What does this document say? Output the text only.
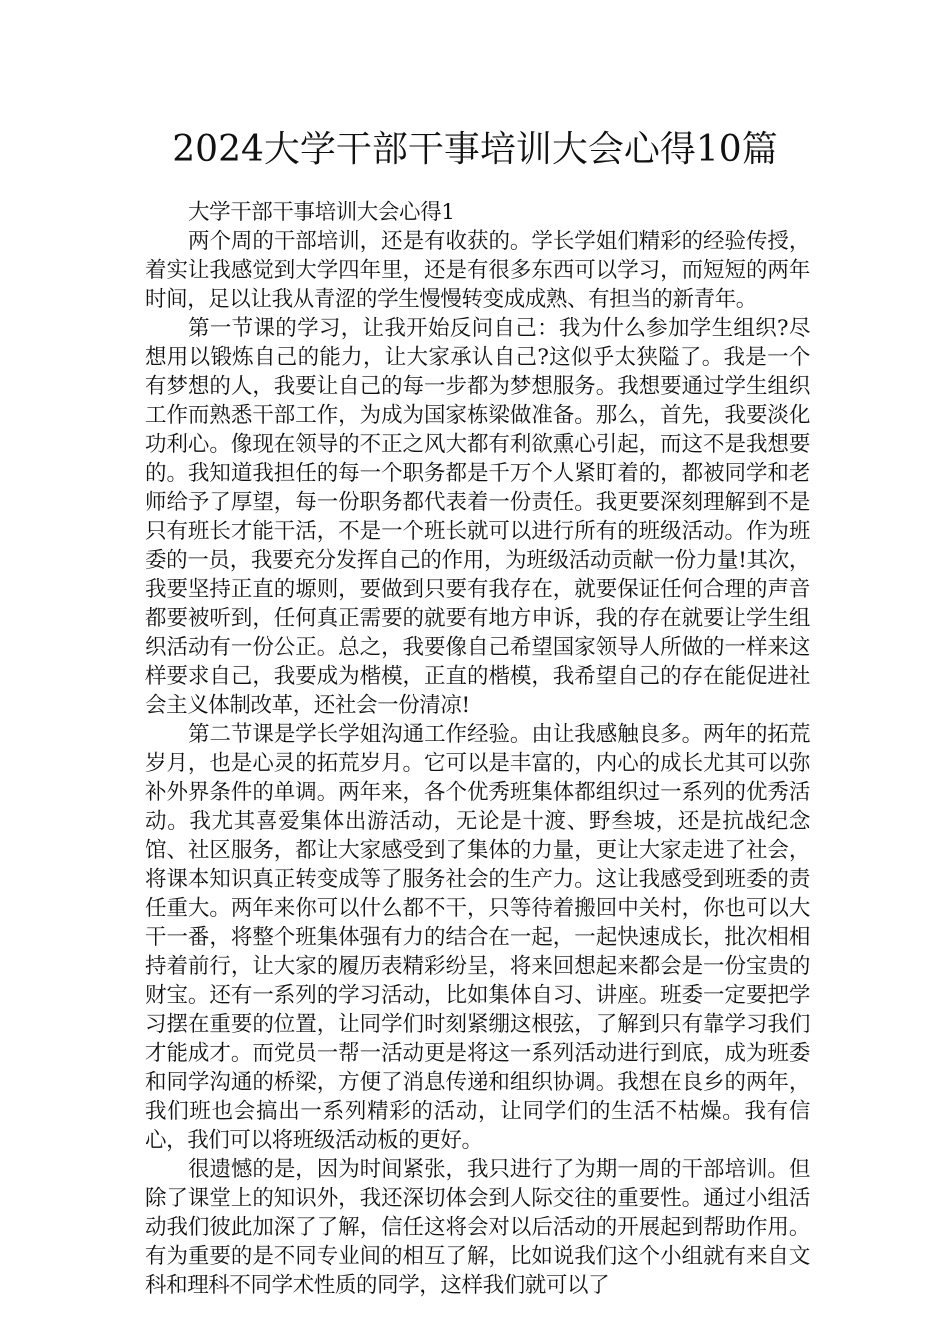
2024大学干部干事培训大会心得10篇
大学干部干事培训大会心得1

两个周的干部培训，还是有收获的。学长学姐们精彩的经验传授，着实让我感觉到大学四年里，还是有很多东西可以学习，而短短的两年时间，足以让我从青涩的学生慢慢转变成成熟、有担当的新青年。

第一节课的学习，让我开始反问自己：我为什么参加学生组织?尽想用以锻炼自己的能力，让大家承认自己?这似乎太狭隘了。我是一个有梦想的人，我要让自己的每一步都为梦想服务。我想要通过学生组织工作而熟悉干部工作，为成为国家栋梁做准备。那么，首先，我要淡化功利心。像现在领导的不正之风大都有利欲熏心引起，而这不是我想要的。我知道我担任的每一个职务都是千万个人紧盯着的，都被同学和老师给予了厚望，每一份职务都代表着一份责任。我更要深刻理解到不是只有班长才能干活，不是一个班长就可以进行所有的班级活动。作为班委的一员，我要充分发挥自己的作用，为班级活动贡献一份力量!其次，我要坚持正直的塬则，要做到只要有我存在，就要保证任何合理的声音都要被听到，任何真正需要的就要有地方申诉，我的存在就要让学生组织活动有一份公正。总之，我要像自己希望国家领导人所做的一样来这样要求自己，我要成为楷模，正直的楷模，我希望自己的存在能促进社会主义体制改革，还社会一份清凉!

第二节课是学长学姐沟通工作经验。由让我感触良多。两年的拓荒岁月，也是心灵的拓荒岁月。它可以是丰富的，内心的成长尤其可以弥补外界条件的单调。两年来，各个优秀班集体都组织过一系列的优秀活动。我尤其喜爱集体出游活动，无论是十渡、野叁坡，还是抗战纪念馆、社区服务，都让大家感受到了集体的力量，更让大家走进了社会，将课本知识真正转变成等了服务社会的生产力。这让我感受到班委的责任重大。两年来你可以什么都不干，只等待着搬回中关村，你也可以大干一番，将整个班集体强有力的结合在一起，一起快速成长，批次相相持着前行，让大家的履历表精彩纷呈，将来回想起来都会是一份宝贵的财宝。还有一系列的学习活动，比如集体自习、讲座。班委一定要把学习摆在重要的位置，让同学们时刻紧绷这根弦，了解到只有靠学习我们才能成才。而党员一帮一活动更是将这一系列活动进行到底，成为班委和同学沟通的桥梁，方便了消息传递和组织协调。我想在良乡的两年，我们班也会搞出一系列精彩的活动，让同学们的生活不枯燥。我有信心，我们可以将班级活动板的更好。

很遗憾的是，因为时间紧张，我只进行了为期一周的干部培训。但除了课堂上的知识外，我还深切体会到人际交往的重要性。通过小组活动我们彼此加深了了解，信任这将会对以后活动的开展起到帮助作用。有为重要的是不同专业间的相互了解，比如说我们这个小组就有来自文科和理科不同学术性质的同学，这样我们就可以了
